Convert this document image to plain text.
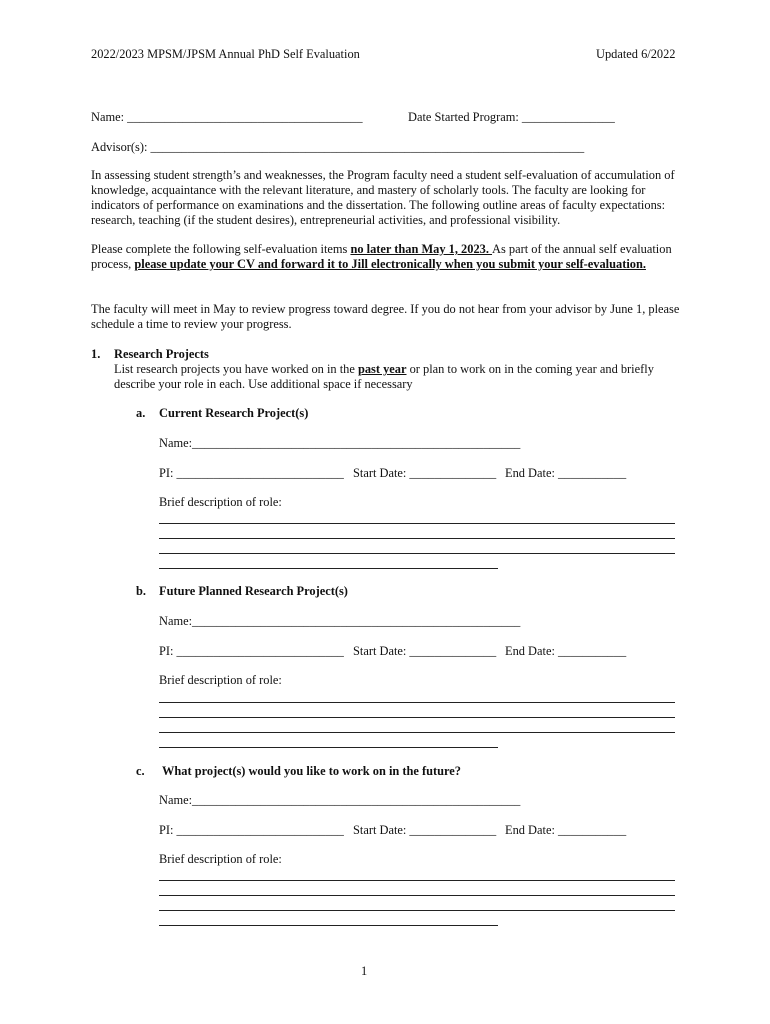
2022/2023 MPSM/JPSM Annual PhD Self Evaluation	Updated 6/2022
Name: ______________________________________	Date Started Program: _______________
Advisor(s): ______________________________________________________________________
In assessing student strength’s and weaknesses, the Program faculty need a student self-evaluation of accumulation of knowledge, acquaintance with the relevant literature, and mastery of scholarly tools. The faculty are looking for indicators of performance on examinations and the dissertation. The following outline areas of faculty expectations: research, teaching (if the student desires), entrepreneurial activities, and professional visibility.
Please complete the following self-evaluation items no later than May 1, 2023. As part of the annual self evaluation process, please update your CV and forward it to Jill electronically when you submit your self-evaluation.
The faculty will meet in May to review progress toward degree. If you do not hear from your advisor by June 1, please schedule a time to review your progress.
1. Research Projects
List research projects you have worked on in the past year or plan to work on in the coming year and briefly
describe your role in each. Use additional space if necessary
a. Current Research Project(s)
Name:_____________________________________________________
PI: ___________________________ Start Date: ______________ End Date: ___________
Brief description of role:
b. Future Planned Research Project(s)
Name:_____________________________________________________
PI: ___________________________ Start Date: ______________ End Date: ___________
Brief description of role:
c. What project(s) would you like to work on in the future?
Name:_____________________________________________________
PI: ___________________________ Start Date: ______________ End Date: ___________
Brief description of role:
1
